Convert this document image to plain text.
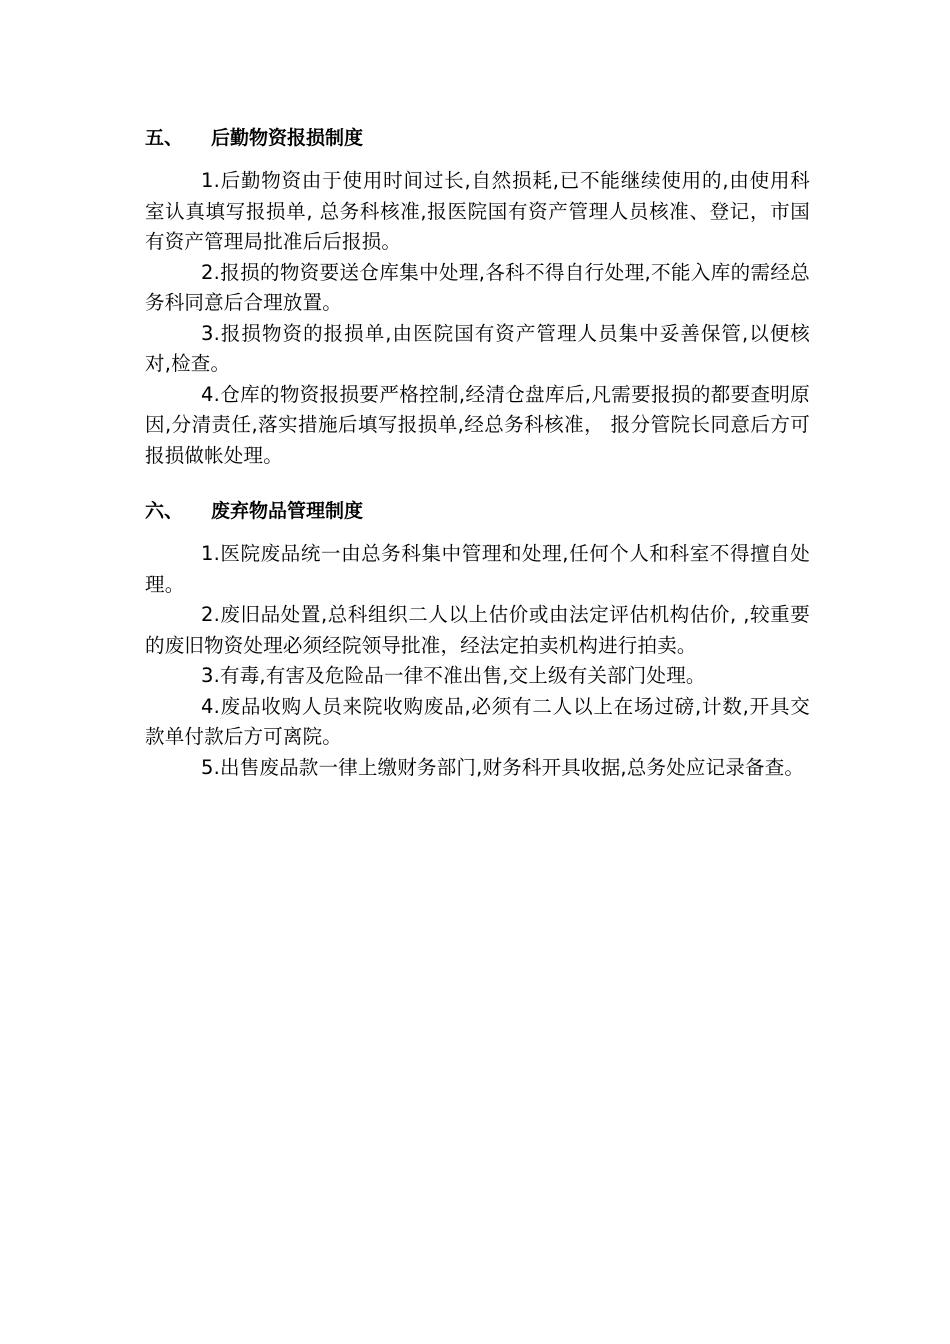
五、	后勤物资报损制度

1.后勤物资由于使用时间过长,自然损耗,已不能继续使用的,由使用科室认真填写报损单, 总务科核准,报医院国有资产管理人员核准、登记，市国有资产管理局批准后后报损。

2.报损的物资要送仓库集中处理,各科不得自行处理,不能入库的需经总务科同意后合理放置。

3.报损物资的报损单,由医院国有资产管理人员集中妥善保管,以便核对,检查。

4.仓库的物资报损要严格控制,经清仓盘库后,凡需要报损的都要查明原因,分清责任,落实措施后填写报损单,经总务科核准， 报分管院长同意后方可报损做帐处理。

六、	废弃物品管理制度

1.医院废品统一由总务科集中管理和处理,任何个人和科室不得擅自处理。

2.废旧品处置,总科组织二人以上估价或由法定评估机构估价, ,较重要的废旧物资处理必须经院领导批准，经法定拍卖机构进行拍卖。

3.有毒,有害及危险品一律不准出售,交上级有关部门处理。

4.废品收购人员来院收购废品,必须有二人以上在场过磅,计数,开具交款单付款后方可离院。

5.出售废品款一律上缴财务部门,财务科开具收据,总务处应记录备查。
